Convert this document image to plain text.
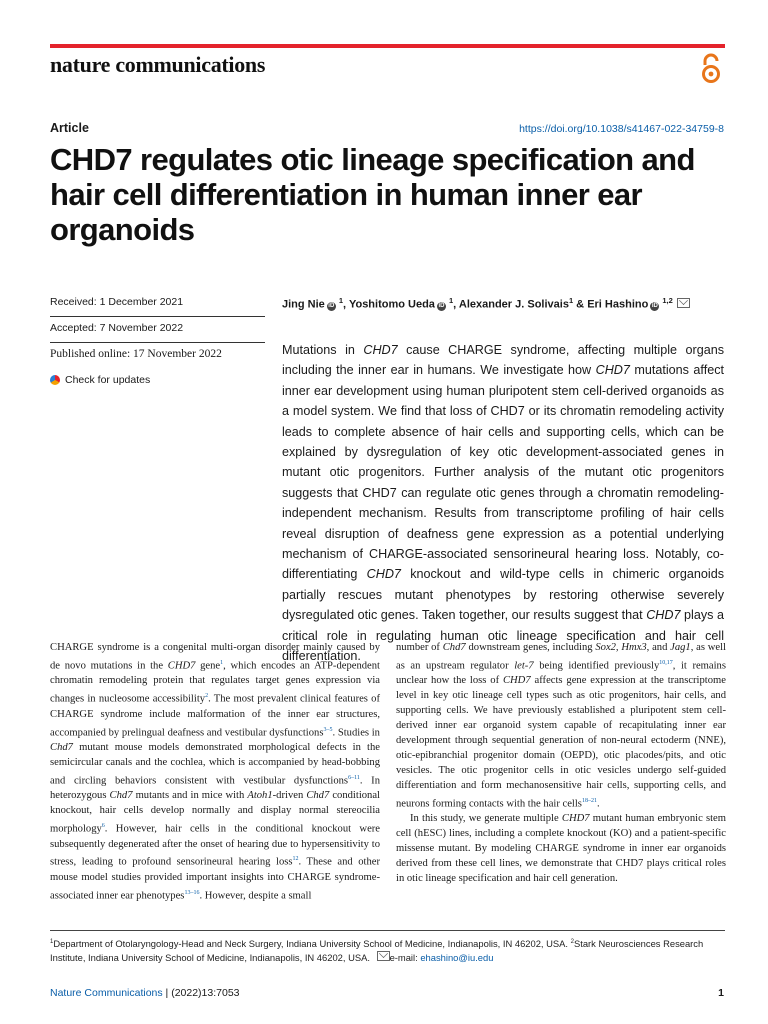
nature communications
Article	https://doi.org/10.1038/s41467-022-34759-8
CHD7 regulates otic lineage specification and hair cell differentiation in human inner ear organoids
Received: 1 December 2021
Accepted: 7 November 2022
Published online: 17 November 2022
Check for updates
Jing Nie iD $^1$, Yoshitomo Ueda iD $^1$, Alexander J. Solivais$^1$ & Eri Hashino iD $^{1,2}$
Mutations in CHD7 cause CHARGE syndrome, affecting multiple organs including the inner ear in humans. We investigate how CHD7 mutations affect inner ear development using human pluripotent stem cell-derived organoids as a model system. We find that loss of CHD7 or its chromatin remodeling activity leads to complete absence of hair cells and supporting cells, which can be explained by dysregulation of key otic development-associated genes in mutant otic progenitors. Further analysis of the mutant otic progenitors suggests that CHD7 can regulate otic genes through a chromatin remodeling-independent mechanism. Results from transcriptome profiling of hair cells reveal disruption of deafness gene expression as a potential underlying mechanism of CHARGE-associated sensorineural hearing loss. Notably, co-differentiating CHD7 knockout and wild-type cells in chimeric organoids partially rescues mutant phenotypes by restoring otherwise severely dysregulated otic genes. Taken together, our results suggest that CHD7 plays a critical role in regulating human otic lineage specification and hair cell differentiation.

CHARGE syndrome is a congenital multi-organ disorder mainly caused by de novo mutations in the CHD7 gene$^1$, which encodes an ATP-dependent chromatin remodeling protein that regulates target genes expression via changes in nucleosome accessibility$^2$. The most prevalent clinical features of CHARGE syndrome include malformation of the inner ear structures, accompanied by prelingual deafness and vestibular dysfunctions$^{3-5}$. Studies in Chd7 mutant mouse models demonstrated morphological defects in the semicircular canals and the cochlea, which is accompanied by head-bobbing and circling behaviors consistent with vestibular dysfunctions$^{6-11}$. In heterozygous Chd7 mutants and in mice with Atoh1-driven Chd7 conditional knockout, hair cells develop normally and display normal stereocilia morphology$^6$. However, hair cells in the conditional knockout were subsequently degenerated after the onset of hearing due to hypersensitivity to stress, leading to profound sensorineural hearing loss$^{12}$. These and other mouse model studies provided important insights into CHARGE syndrome-associated inner ear phenotypes$^{13-16}$. However, despite a small

number of Chd7 downstream genes, including Sox2, Hmx3, and Jag1, as well as an upstream regulator let-7 being identified previously$^{10,17}$, it remains unclear how the loss of CHD7 affects gene expression at the transcriptome level in key otic lineage cell types such as otic progenitors, hair cells, and supporting cells. We have previously established a pluripotent stem cell-derived inner ear organoid system capable of recapitulating inner ear development through sequential generation of non-neural ectoderm (NNE), otic-epibranchial progenitor domain (OEPD), otic placodes/pits, and otic vesicles. The otic progenitor cells in otic vesicles undergo self-guided differentiation and form mechanosensitive hair cells, supporting cells, and neurons forming contacts with the hair cells$^{18-21}$.

In this study, we generate multiple CHD7 mutant human embryonic stem cell (hESC) lines, including a complete knockout (KO) and a patient-specific missense mutant. By modeling CHARGE syndrome in inner ear organoids derived from these cell lines, we demonstrate that CHD7 plays critical roles in otic lineage specification and hair cell generation.

$^1$Department of Otolaryngology-Head and Neck Surgery, Indiana University School of Medicine, Indianapolis, IN 46202, USA. $^2$Stark Neurosciences Research Institute, Indiana University School of Medicine, Indianapolis, IN 46202, USA. e-mail: ehashino@iu.edu
Nature Communications | (2022)13:7053	1
